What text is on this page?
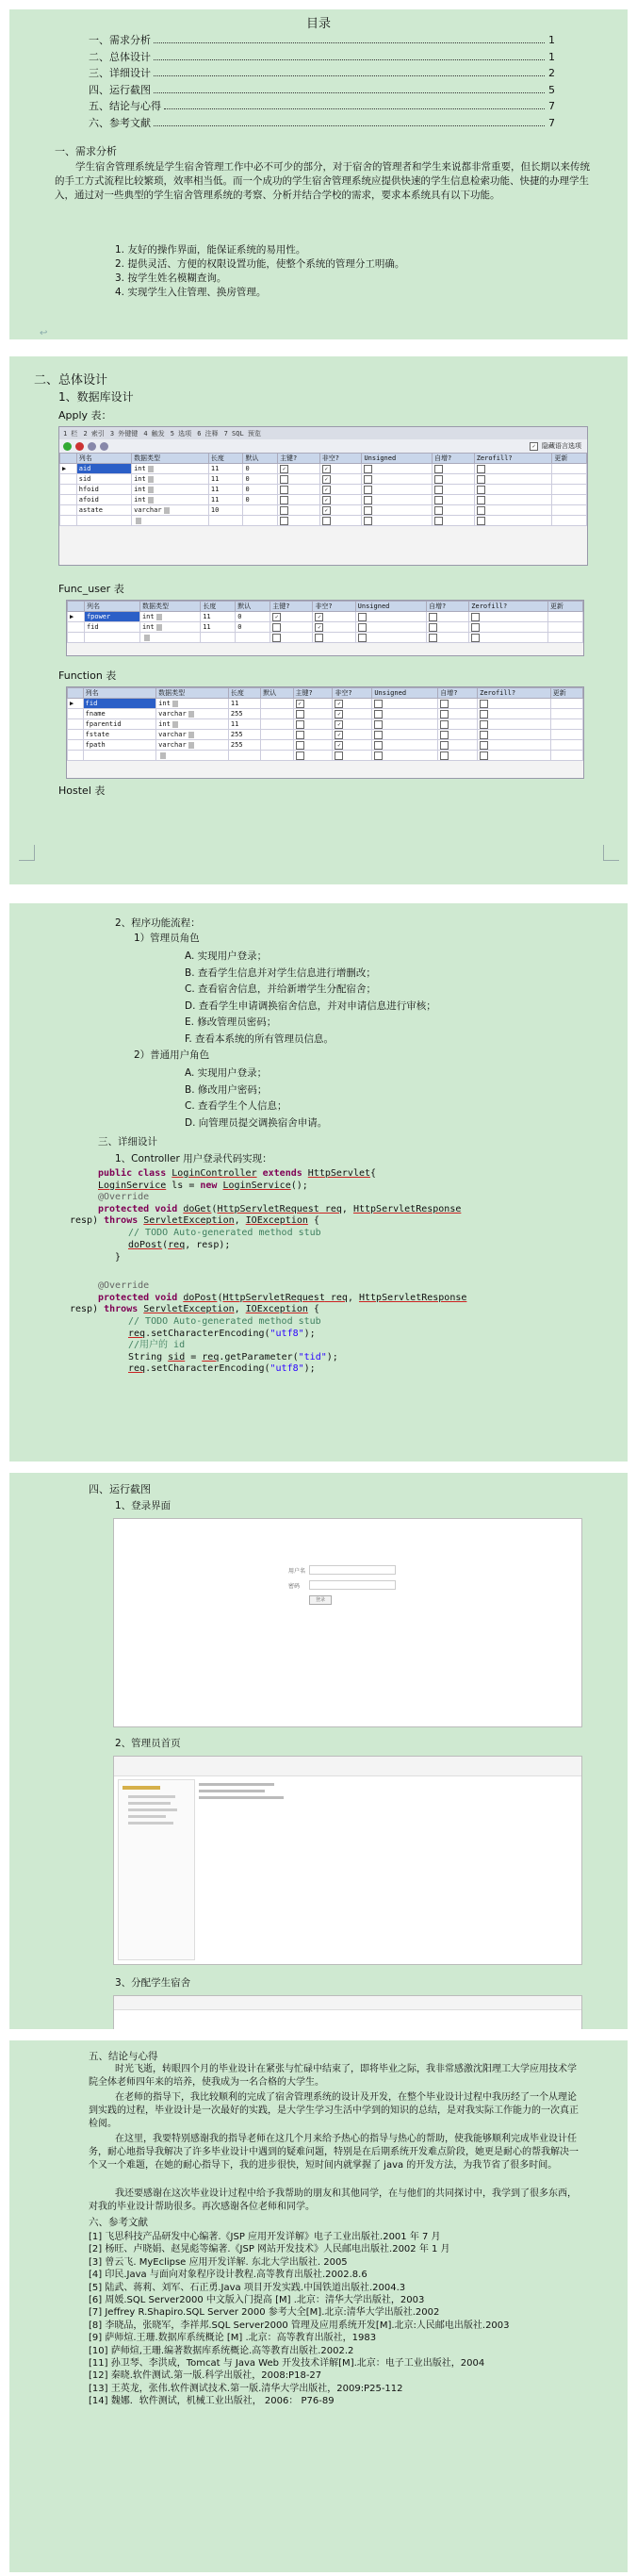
目录
一、需求分析	1
二、总体设计	1
三、详细设计	2
四、运行截图	5
五、结论与心得	7
六、参考文献	7
一、需求分析
学生宿舍管理系统是学生宿舍管理工作中必不可少的部分，对于宿舍的管理者和学生来说都非常重要，但长期以来传统的手工方式流程比较繁琐，效率相当低。而一个成功的学生宿舍管理系统应提供快速的学生信息检索功能、快捷的办理学生入，通过对一些典型的学生宿舍管理系统的考察、分析并结合学校的需求，要求本系统具有以下功能。
1. 友好的操作界面，能保证系统的易用性。
2. 提供灵活、方便的权限设置功能，使整个系统的管理分工明确。
3. 按学生姓名模糊查询。
4. 实现学生入住管理、换房管理。
↩
二、总体设计
1、数据库设计
Apply 表：
1 栏 2 索引 3 外键键 4 触发 5 选项 6 注释 7 SQL 预览
✓ 隐藏语言选项
	列名	数据类型	长度	默认	主键?	非空?	Unsigned	自增?	Zerofill?	更新
▶	aid	int	11	0	✓	✓				
	sid	int	11	0		✓				
	hfoid	int	11	0		✓				
	afoid	int	11	0		✓				
	astate	varchar	10			✓				

Func_user 表
	列名	数据类型	长度	默认	主键?	非空?	Unsigned	自增?	Zerofill?	更新
▶	fpower	int	11	0	✓	✓				
	fid	int	11	0		✓				

Function 表
	列名	数据类型	长度	默认	主键?	非空?	Unsigned	自增?	Zerofill?	更新
▶	fid	int	11		✓	✓				
	fname	varchar	255			✓				
	fparentid	int	11			✓				
	fstate	varchar	255			✓				
	fpath	varchar	255			✓				

Hostel 表
2、程序功能流程：
1）管理员角色
A. 实现用户登录；
B. 查看学生信息并对学生信息进行增删改；
C. 查看宿舍信息，并给新增学生分配宿舍；
D. 查看学生申请调换宿舍信息，并对申请信息进行审核；
E. 修改管理员密码；
F. 查看本系统的所有管理员信息。
2）普通用户角色
A. 实现用户登录；
B. 修改用户密码；
C. 查看学生个人信息；
D. 向管理员提交调换宿舍申请。
三、详细设计
1、Controller 用户登录代码实现：
public class LoginController extends HttpServlet{
LoginService ls = new LoginService();
@Override
protected void doGet(HttpServletRequest req, HttpServletResponse

resp) throws ServletException, IOException {
// TODO Auto-generated method stub
doPost(req, resp);
}
@Override
protected void doPost(HttpServletRequest req, HttpServletResponse
resp) throws ServletException, IOException {
// TODO Auto-generated method stub
req.setCharacterEncoding("utf8");
//用户的 id
String sid = req.getParameter("tid");
req.setCharacterEncoding("utf8");
四、运行截图
1、登录界面
用户名
密码
登录
2、管理员首页
3、分配学生宿舍
五、结论与心得
时光飞逝，转眼四个月的毕业设计在紧张与忙碌中结束了，即将毕业之际，我非常感激沈阳理工大学应用技术学院全体老师四年来的培养，使我成为一名合格的大学生。
在老师的指导下，我比较顺利的完成了宿舍管理系统的设计及开发，在整个毕业设计过程中我历经了一个从理论到实践的过程，毕业设计是一次最好的实践，是大学生学习生活中学到的知识的总结，是对我实际工作能力的一次真正检阅。
在这里，我要特别感谢我的指导老师在这几个月来给予热心的指导与热心的帮助，使我能够顺利完成毕业设计任务，耐心地指导我解决了许多毕业设计中遇到的疑难问题，特别是在后期系统开发难点阶段，她更是耐心的帮我解决一个又一个难题，在她的耐心指导下，我的进步很快，短时间内就掌握了 java 的开发方法，为我节省了很多时间。
我还要感谢在这次毕业设计过程中给予我帮助的朋友和其他同学，在与他们的共同探讨中，我学到了很多东西，对我的毕业设计帮助很多。再次感谢各位老师和同学。
六、参考文献
[1] 飞思科技产品研发中心编著.《JSP 应用开发详解》电子工业出版社.2001 年 7 月
[2] 杨旺、卢晓娟、赵晃彪等编著.《JSP 网站开发技术》人民邮电出版社.2002 年 1 月
[3] 曾云飞. MyEclipse 应用开发详解. 东北大学出版社. 2005
[4] 印民.Java 与面向对象程序设计教程.高等教育出版社.2002.8.6
[5] 陆武、蒋莉、刘军、石正勇.Java 项目开发实践.中国铁道出版社.2004.3
[6] 周媛.SQL Server2000 中文版入门提高 [M] .北京：清华大学出版社，2003
[7] Jeffrey R.Shapiro.SQL Server 2000 参考大全[M].北京:清华大学出版社.2002
[8] 李晓品，张晓军，李祥邦.SQL Server2000 管理及应用系统开发[M].北京:人民邮电出版社.2003
[9] 萨师煊.王珊.数据库系统概论 [M] .北京：高等教育出版社，1983
[10] 萨师煊,王珊.编著数据库系统概论.高等教育出版社.2002.2
[11] 孙卫琴、李洪成，Tomcat 与 Java Web 开发技术详解[M].北京：电子工业出版社，2004
[12] 秦晓.软件测试.第一版.科学出版社，2008:P18-27
[13] 王英龙，张伟.软件测试技术.第一版.清华大学出版社，2009:P25-112
[14] 魏娜．软件测试，机械工业出版社， 2006： P76-89
